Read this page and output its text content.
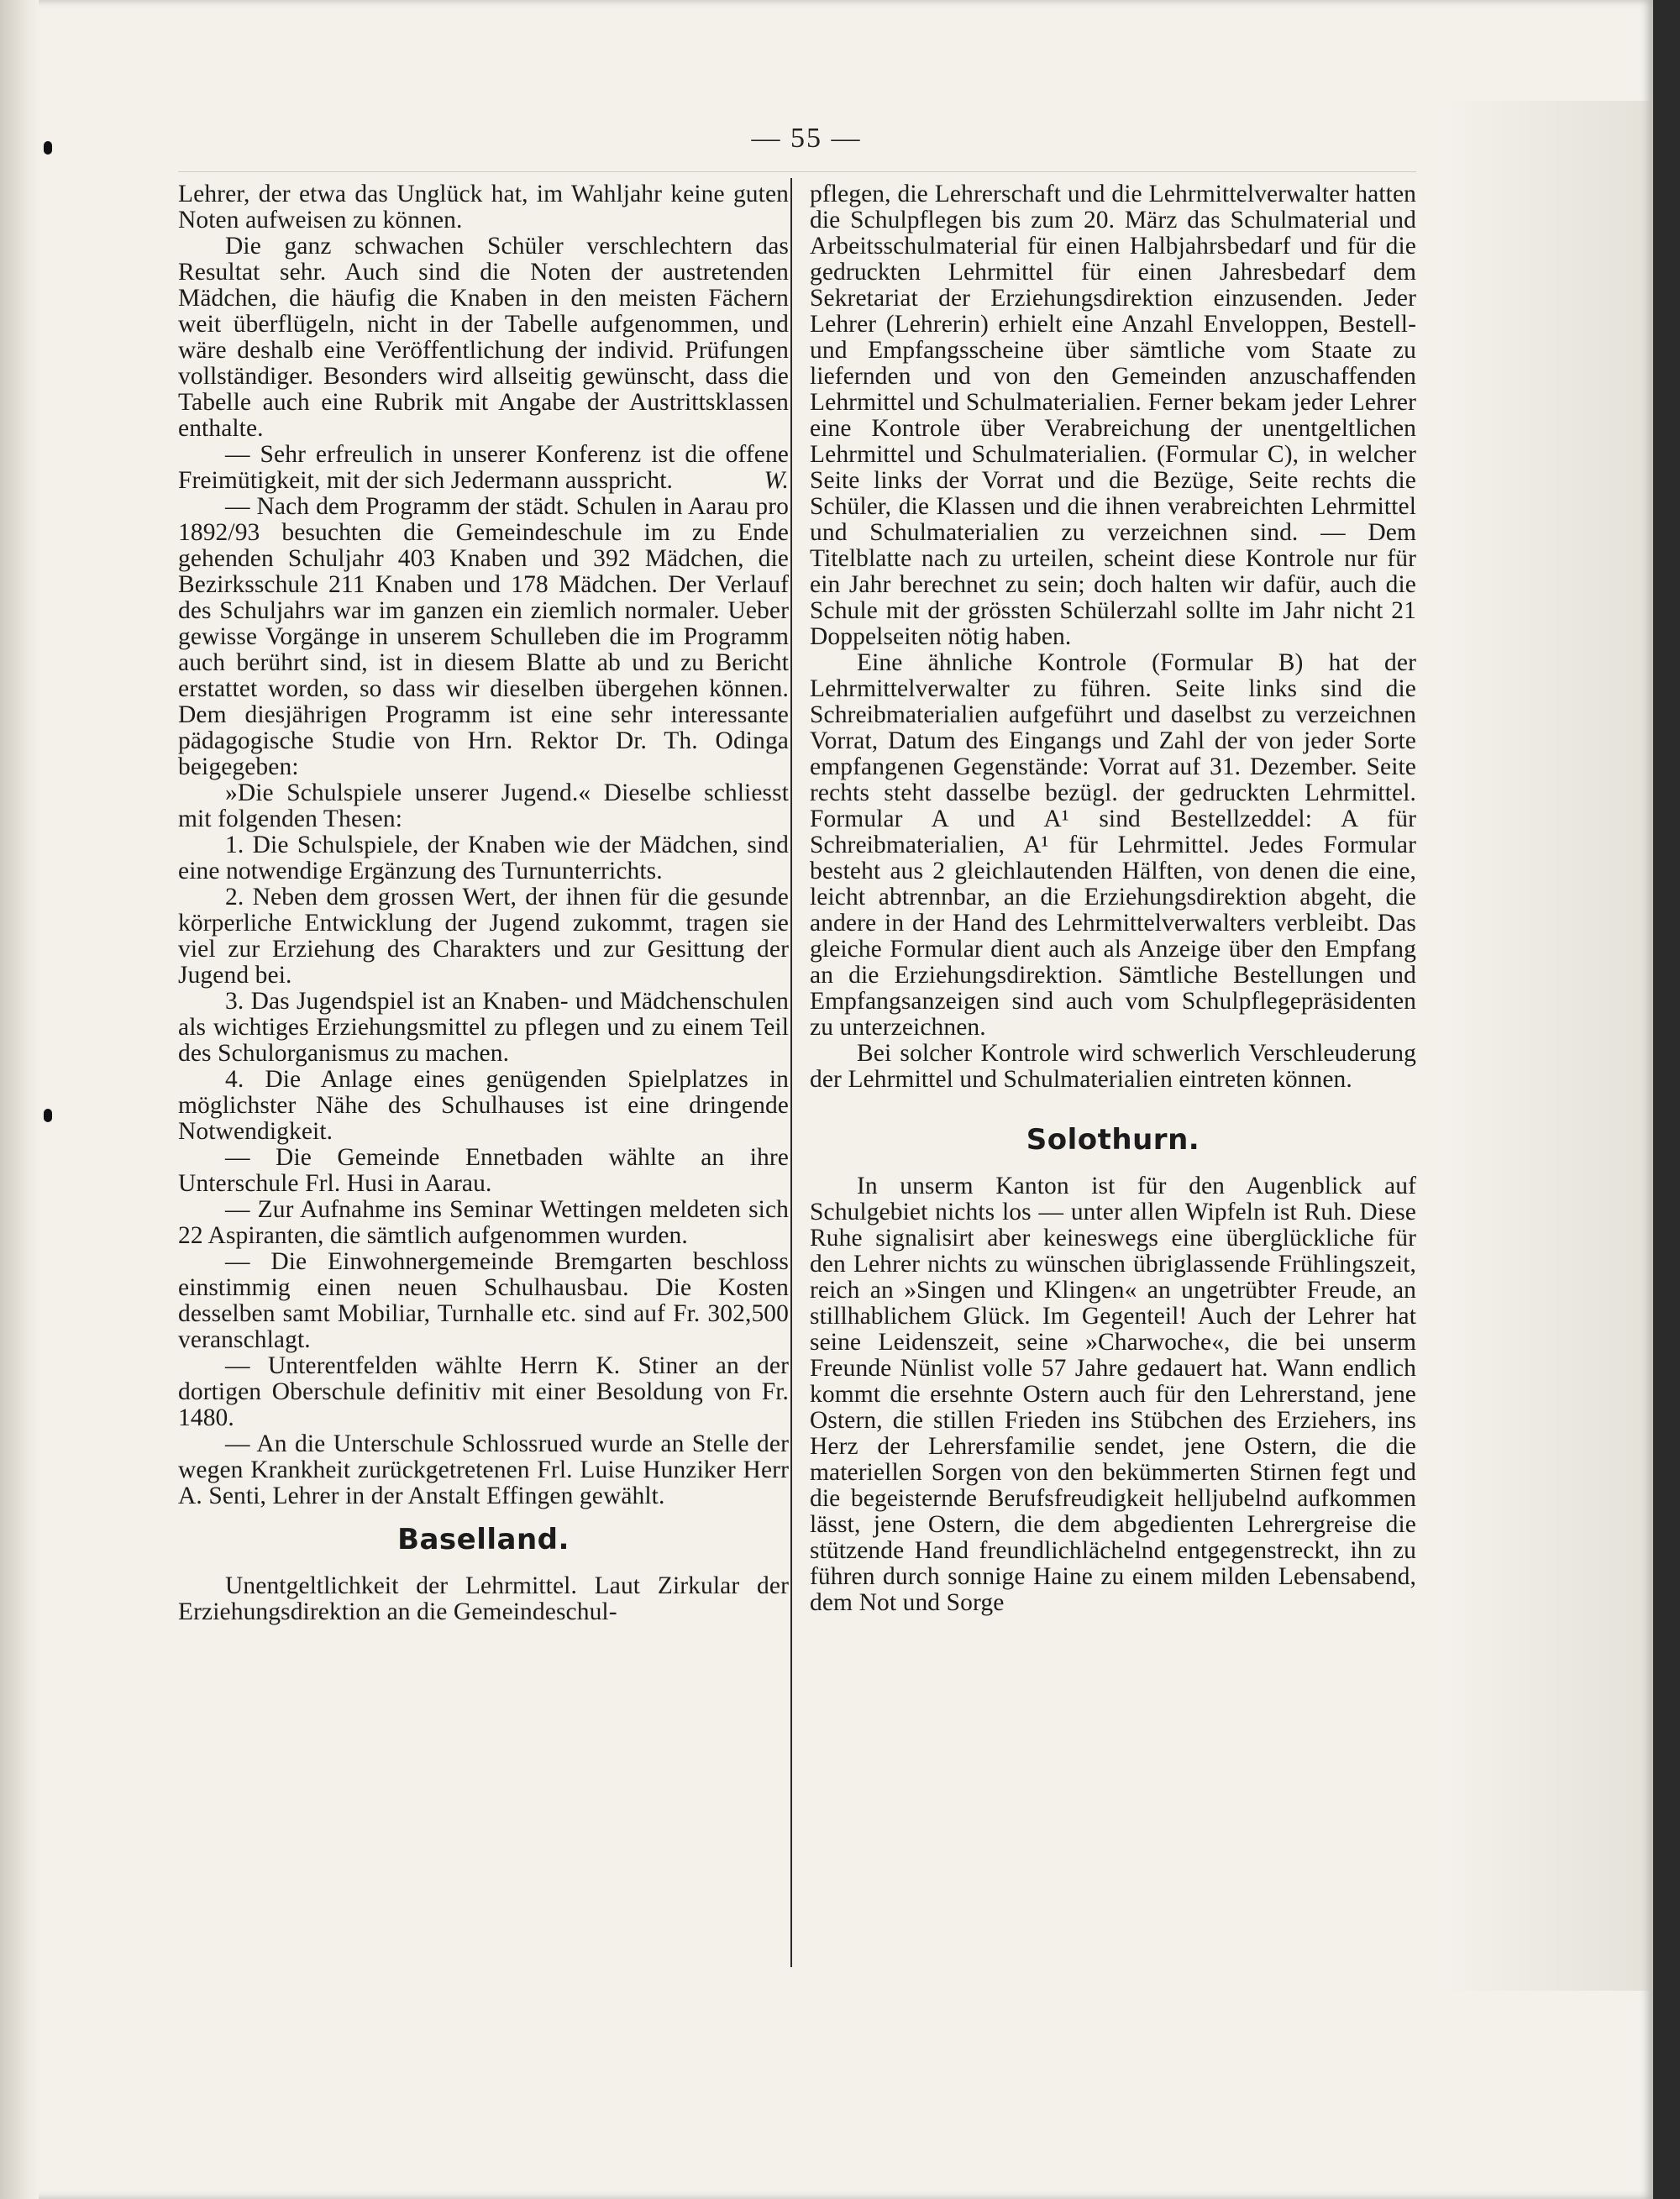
— 55 —

Lehrer, der etwa das Unglück hat, im Wahljahr keine guten Noten aufweisen zu können.

Die ganz schwachen Schüler verschlechtern das Resultat sehr. Auch sind die Noten der austretenden Mädchen, die häufig die Knaben in den meisten Fächern weit überflügeln, nicht in der Tabelle aufgenommen, und wäre deshalb eine Veröffentlichung der individ. Prüfungen vollständiger. Besonders wird allseitig gewünscht, dass die Tabelle auch eine Rubrik mit Angabe der Austrittsklassen enthalte.

— Sehr erfreulich in unserer Konferenz ist die offene Freimütigkeit, mit der sich Jedermann ausspricht.	W.

— Nach dem Programm der städt. Schulen in Aarau pro 1892/93 besuchten die Gemeindeschule im zu Ende gehenden Schuljahr 403 Knaben und 392 Mädchen, die Bezirksschule 211 Knaben und 178 Mädchen. Der Verlauf des Schuljahrs war im ganzen ein ziemlich normaler. Ueber gewisse Vorgänge in unserem Schulleben die im Programm auch berührt sind, ist in diesem Blatte ab und zu Bericht erstattet worden, so dass wir dieselben übergehen können. Dem diesjährigen Programm ist eine sehr interessante pädagogische Studie von Hrn. Rektor Dr. Th. Odinga beigegeben:

»Die Schulspiele unserer Jugend.« Dieselbe schliesst mit folgenden Thesen:

1. Die Schulspiele, der Knaben wie der Mädchen, sind eine notwendige Ergänzung des Turnunterrichts.

2. Neben dem grossen Wert, der ihnen für die gesunde körperliche Entwicklung der Jugend zukommt, tragen sie viel zur Erziehung des Charakters und zur Gesittung der Jugend bei.

3. Das Jugendspiel ist an Knaben- und Mädchenschulen als wichtiges Erziehungsmittel zu pflegen und zu einem Teil des Schulorganismus zu machen.

4. Die Anlage eines genügenden Spielplatzes in möglichster Nähe des Schulhauses ist eine dringende Notwendigkeit.

— Die Gemeinde Ennetbaden wählte an ihre Unterschule Frl. Husi in Aarau.

— Zur Aufnahme ins Seminar Wettingen meldeten sich 22 Aspiranten, die sämtlich aufgenommen wurden.

— Die Einwohnergemeinde Bremgarten beschloss einstimmig einen neuen Schulhausbau. Die Kosten desselben samt Mobiliar, Turnhalle etc. sind auf Fr. 302,500 veranschlagt.

— Unterentfelden wählte Herrn K. Stiner an der dortigen Oberschule definitiv mit einer Besoldung von Fr. 1480.

— An die Unterschule Schlossrued wurde an Stelle der wegen Krankheit zurückgetretenen Frl. Luise Hunziker Herr A. Senti, Lehrer in der Anstalt Effingen gewählt.

Baselland.

Unentgeltlichkeit der Lehrmittel. Laut Zirkular der Erziehungsdirektion an die Gemeindeschul-

pflegen, die Lehrerschaft und die Lehrmittelverwalter hatten die Schulpflegen bis zum 20. März das Schulmaterial und Arbeitsschulmaterial für einen Halbjahrsbedarf und für die gedruckten Lehrmittel für einen Jahresbedarf dem Sekretariat der Erziehungsdirektion einzusenden. Jeder Lehrer (Lehrerin) erhielt eine Anzahl Enveloppen, Bestell- und Empfangsscheine über sämtliche vom Staate zu liefernden und von den Gemeinden anzuschaffenden Lehrmittel und Schulmaterialien. Ferner bekam jeder Lehrer eine Kontrole über Verabreichung der unentgeltlichen Lehrmittel und Schulmaterialien. (Formular C), in welcher Seite links der Vorrat und die Bezüge, Seite rechts die Schüler, die Klassen und die ihnen verabreichten Lehrmittel und Schulmaterialien zu verzeichnen sind. — Dem Titelblatte nach zu urteilen, scheint diese Kontrole nur für ein Jahr berechnet zu sein; doch halten wir dafür, auch die Schule mit der grössten Schülerzahl sollte im Jahr nicht 21 Doppelseiten nötig haben.

Eine ähnliche Kontrole (Formular B) hat der Lehrmittelverwalter zu führen. Seite links sind die Schreibmaterialien aufgeführt und daselbst zu verzeichnen Vorrat, Datum des Eingangs und Zahl der von jeder Sorte empfangenen Gegenstände: Vorrat auf 31. Dezember. Seite rechts steht dasselbe bezügl. der gedruckten Lehrmittel. Formular A und A¹ sind Bestellzeddel: A für Schreibmaterialien, A¹ für Lehrmittel. Jedes Formular besteht aus 2 gleichlautenden Hälften, von denen die eine, leicht abtrennbar, an die Erziehungsdirektion abgeht, die andere in der Hand des Lehrmittelverwalters verbleibt. Das gleiche Formular dient auch als Anzeige über den Empfang an die Erziehungsdirektion. Sämtliche Bestellungen und Empfangsanzeigen sind auch vom Schulpflegepräsidenten zu unterzeichnen.

Bei solcher Kontrole wird schwerlich Verschleuderung der Lehrmittel und Schulmaterialien eintreten können.

Solothurn.

In unserm Kanton ist für den Augenblick auf Schulgebiet nichts los — unter allen Wipfeln ist Ruh. Diese Ruhe signalisirt aber keineswegs eine überglückliche für den Lehrer nichts zu wünschen übriglassende Frühlingszeit, reich an »Singen und Klingen« an ungetrübter Freude, an stillhablichem Glück. Im Gegenteil! Auch der Lehrer hat seine Leidenszeit, seine »Charwoche«, die bei unserm Freunde Nünlist volle 57 Jahre gedauert hat. Wann endlich kommt die ersehnte Ostern auch für den Lehrerstand, jene Ostern, die stillen Frieden ins Stübchen des Erziehers, ins Herz der Lehrersfamilie sendet, jene Ostern, die die materiellen Sorgen von den bekümmerten Stirnen fegt und die begeisternde Berufsfreudigkeit helljubelnd aufkommen lässt, jene Ostern, die dem abgedienten Lehrergreise die stützende Hand freundlichlächelnd entgegenstreckt, ihn zu führen durch sonnige Haine zu einem milden Lebensabend, dem Not und Sorge
